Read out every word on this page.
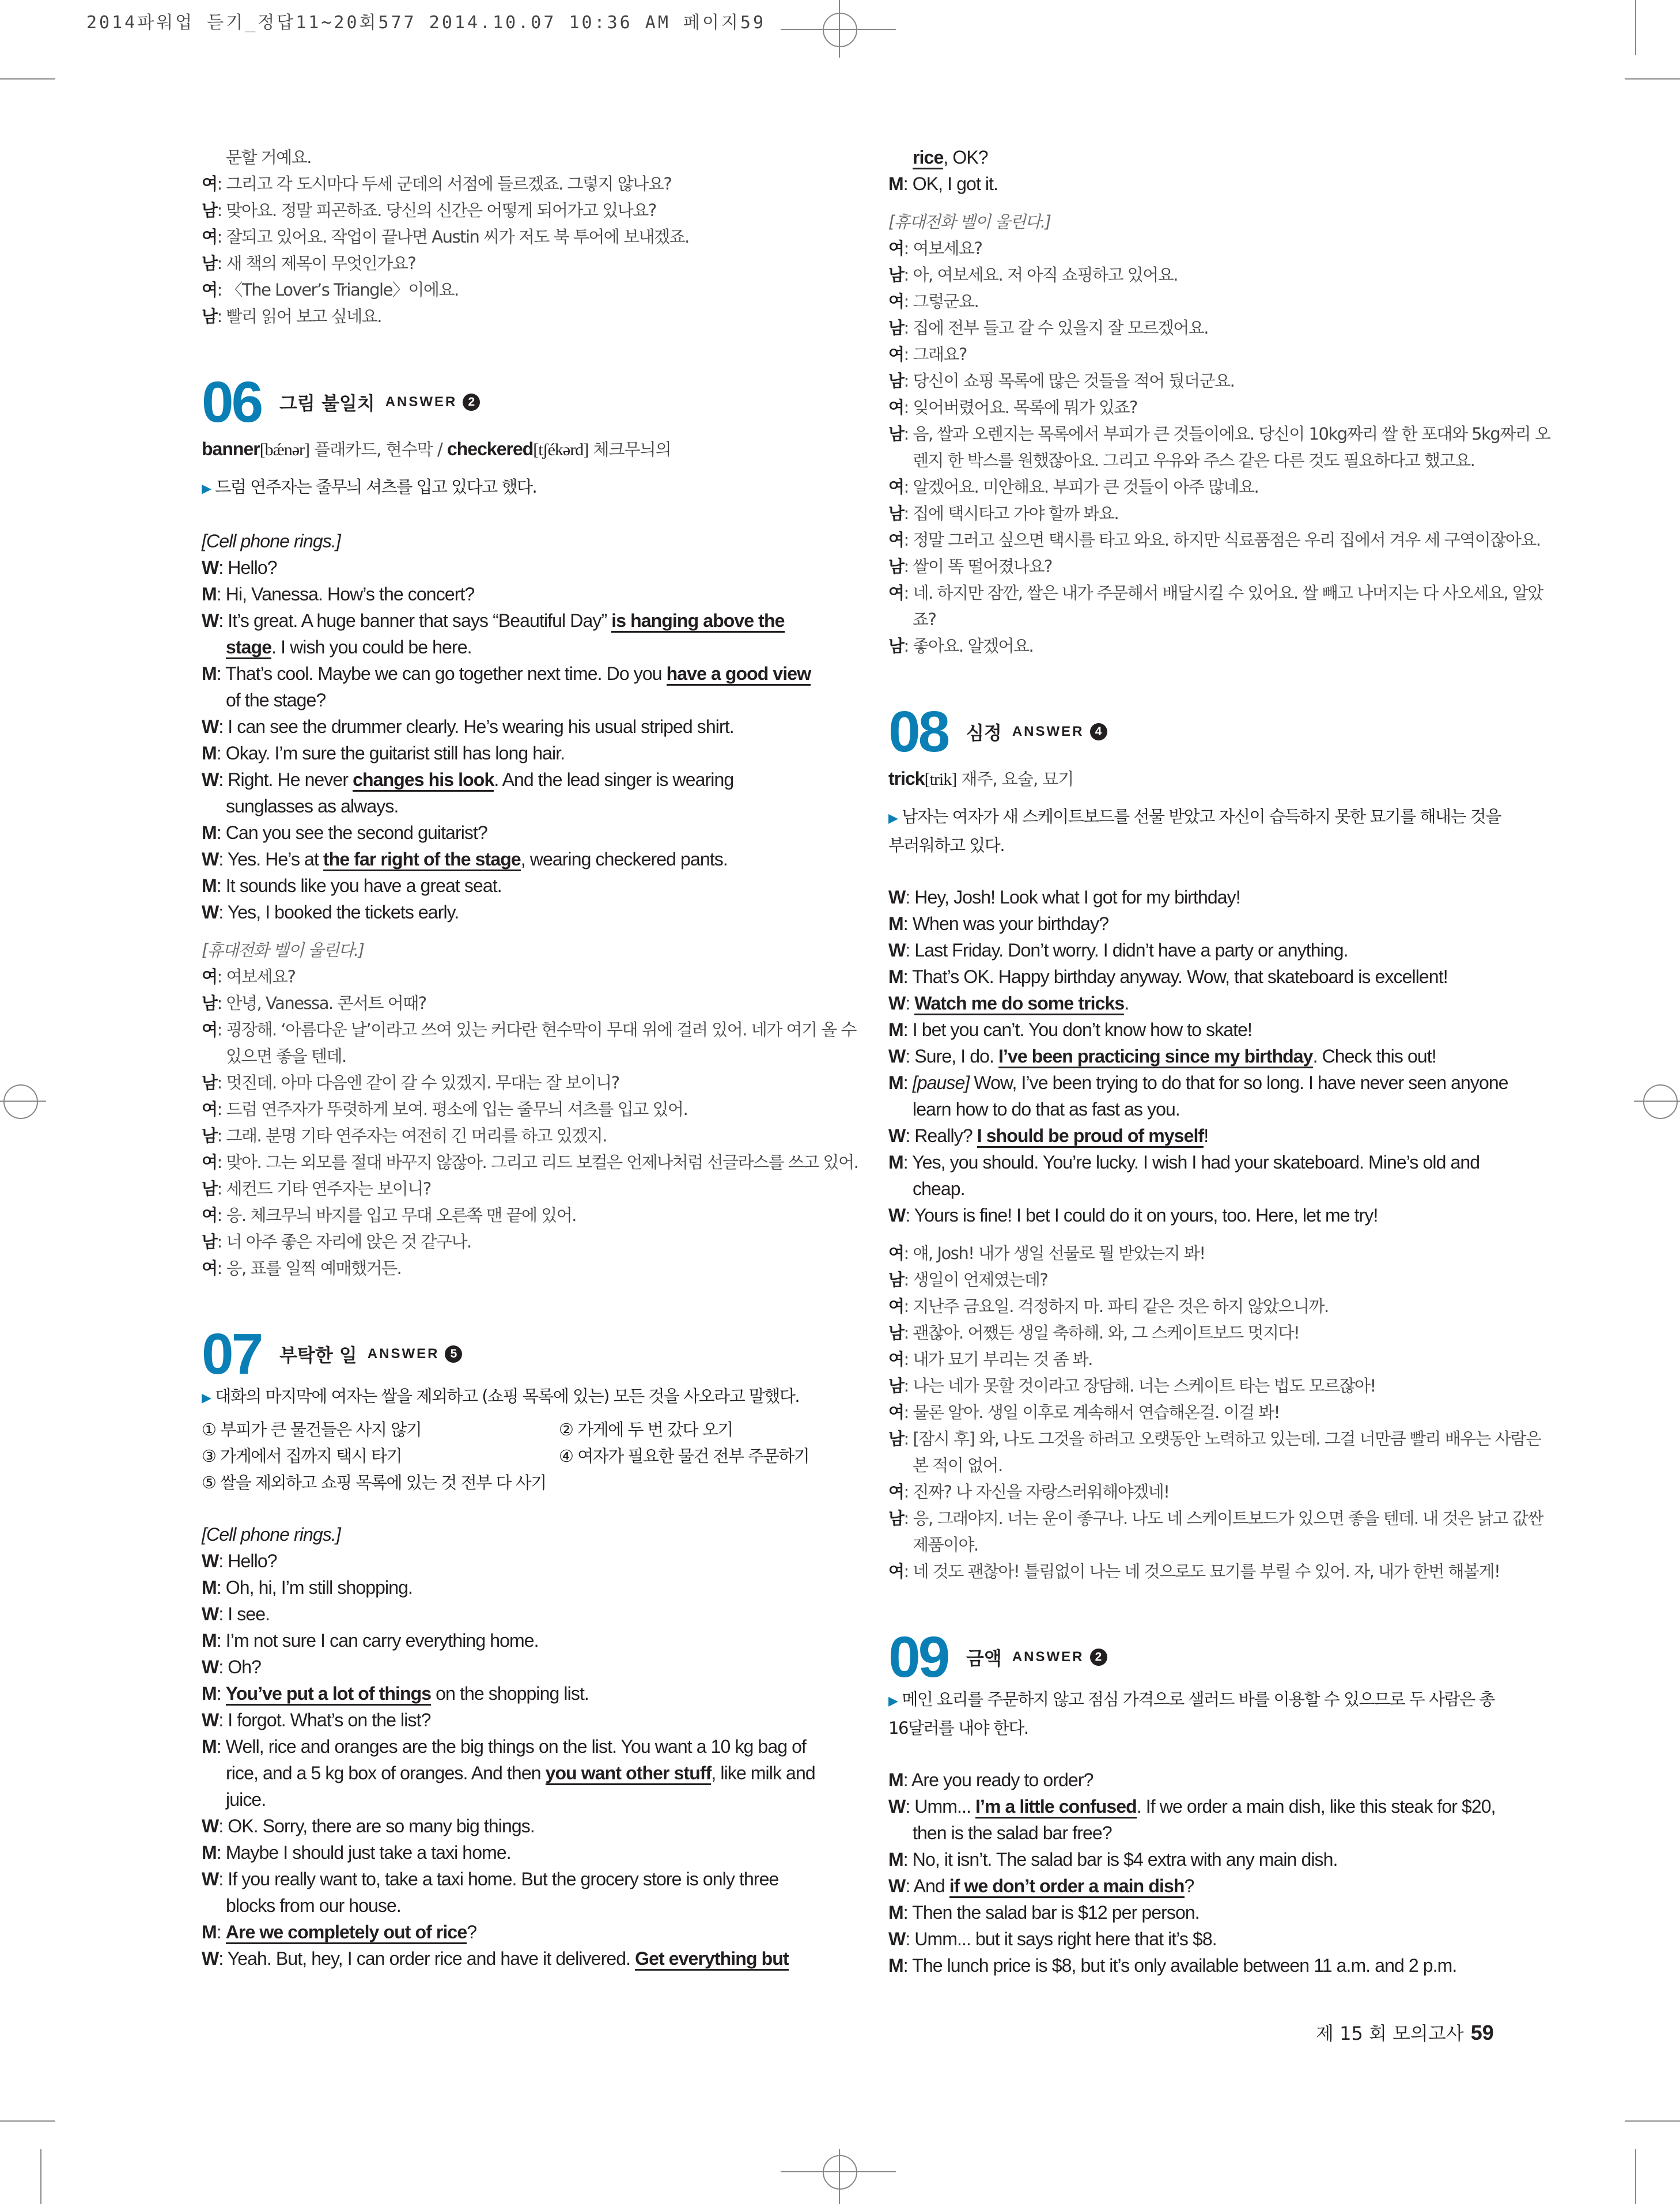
2014파워업 듣기_정답11~20회577 2014.10.07 10:36 AM 페이지59
문할 거예요.
여: 그리고 각 도시마다 두세 군데의 서점에 들르겠죠. 그렇지 않나요?
남: 맞아요. 정말 피곤하죠. 당신의 신간은 어떻게 되어가고 있나요?
여: 잘되고 있어요. 작업이 끝나면 Austin 씨가 저도 북 투어에 보내겠죠.
남: 새 책의 제목이 무엇인가요?
여: 〈The Lover’s Triangle〉이에요.
남: 빨리 읽어 보고 싶네요.
06 그림 불일치 ANSWER 2
banner[bǽnər] 플래카드, 현수막 / checkered[tʃékərd] 체크무늬의
▶ 드럼 연주자는 줄무늬 셔츠를 입고 있다고 했다.
[Cell phone rings.]
W: Hello?
M: Hi, Vanessa. How’s the concert?
W: It’s great. A huge banner that says “Beautiful Day” is hanging above the stage. I wish you could be here.
M: That’s cool. Maybe we can go together next time. Do you have a good view of the stage?
W: I can see the drummer clearly. He’s wearing his usual striped shirt.
M: Okay. I’m sure the guitarist still has long hair.
W: Right. He never changes his look. And the lead singer is wearing sunglasses as always.
M: Can you see the second guitarist?
W: Yes. He’s at the far right of the stage, wearing checkered pants.
M: It sounds like you have a great seat.
W: Yes, I booked the tickets early.
[휴대전화 벨이 울린다.]
여: 여보세요?
남: 안녕, Vanessa. 콘서트 어때?
여: 굉장해. ‘아름다운 날’이라고 쓰여 있는 커다란 현수막이 무대 위에 걸려 있어. 네가 여기 올 수
있으면 좋을 텐데.
남: 멋진데. 아마 다음엔 같이 갈 수 있겠지. 무대는 잘 보이니?
여: 드럼 연주자가 뚜렷하게 보여. 평소에 입는 줄무늬 셔츠를 입고 있어.
남: 그래. 분명 기타 연주자는 여전히 긴 머리를 하고 있겠지.
여: 맞아. 그는 외모를 절대 바꾸지 않잖아. 그리고 리드 보컬은 언제나처럼 선글라스를 쓰고 있어.
남: 세컨드 기타 연주자는 보이니?
여: 응. 체크무늬 바지를 입고 무대 오른쪽 맨 끝에 있어.
남: 너 아주 좋은 자리에 앉은 것 같구나.
여: 응, 표를 일찍 예매했거든.
07 부탁한 일 ANSWER 5
▶ 대화의 마지막에 여자는 쌀을 제외하고 (쇼핑 목록에 있는) 모든 것을 사오라고 말했다.
① 부피가 큰 물건들은 사지 않기	② 가게에 두 번 갔다 오기
③ 가게에서 집까지 택시 타기	④ 여자가 필요한 물건 전부 주문하기
⑤ 쌀을 제외하고 쇼핑 목록에 있는 것 전부 다 사기
[Cell phone rings.]
W: Hello?
M: Oh, hi, I’m still shopping.
W: I see.
M: I’m not sure I can carry everything home.
W: Oh?
M: You’ve put a lot of things on the shopping list.
W: I forgot. What’s on the list?
M: Well, rice and oranges are the big things on the list. You want a 10 kg bag of rice, and a 5 kg box of oranges. And then you want other stuff, like milk and juice.
W: OK. Sorry, there are so many big things.
M: Maybe I should just take a taxi home.
W: If you really want to, take a taxi home. But the grocery store is only three blocks from our house.
M: Are we completely out of rice?
W: Yeah. But, hey, I can order rice and have it delivered. Get everything but
rice, OK?
M: OK, I got it.
[휴대전화 벨이 울린다.]
여: 여보세요?
남: 아, 여보세요. 저 아직 쇼핑하고 있어요.
여: 그렇군요.
남: 집에 전부 들고 갈 수 있을지 잘 모르겠어요.
여: 그래요?
남: 당신이 쇼핑 목록에 많은 것들을 적어 뒀더군요.
여: 잊어버렸어요. 목록에 뭐가 있죠?
남: 음, 쌀과 오렌지는 목록에서 부피가 큰 것들이에요. 당신이 10kg짜리 쌀 한 포대와 5kg짜리 오
렌지 한 박스를 원했잖아요. 그리고 우유와 주스 같은 다른 것도 필요하다고 했고요.
여: 알겠어요. 미안해요. 부피가 큰 것들이 아주 많네요.
남: 집에 택시타고 가야 할까 봐요.
여: 정말 그러고 싶으면 택시를 타고 와요. 하지만 식료품점은 우리 집에서 겨우 세 구역이잖아요.
남: 쌀이 똑 떨어졌나요?
여: 네. 하지만 잠깐, 쌀은 내가 주문해서 배달시킬 수 있어요. 쌀 빼고 나머지는 다 사오세요, 알았
죠?
남: 좋아요. 알겠어요.
08 심정 ANSWER 4
trick[trik] 재주, 요술, 묘기
▶ 남자는 여자가 새 스케이트보드를 선물 받았고 자신이 습득하지 못한 묘기를 해내는 것을 부러워하고 있다.
W: Hey, Josh! Look what I got for my birthday!
M: When was your birthday?
W: Last Friday. Don’t worry. I didn’t have a party or anything.
M: That’s OK. Happy birthday anyway. Wow, that skateboard is excellent!
W: Watch me do some tricks.
M: I bet you can’t. You don’t know how to skate!
W: Sure, I do. I’ve been practicing since my birthday. Check this out!
M: [pause] Wow, I’ve been trying to do that for so long. I have never seen anyone learn how to do that as fast as you.
W: Really? I should be proud of myself!
M: Yes, you should. You’re lucky. I wish I had your skateboard. Mine’s old and cheap.
W: Yours is fine! I bet I could do it on yours, too. Here, let me try!
여: 얘, Josh! 내가 생일 선물로 뭘 받았는지 봐!
남: 생일이 언제였는데?
여: 지난주 금요일. 걱정하지 마. 파티 같은 것은 하지 않았으니까.
남: 괜찮아. 어쨌든 생일 축하해. 와, 그 스케이트보드 멋지다!
여: 내가 묘기 부리는 것 좀 봐.
남: 나는 네가 못할 것이라고 장담해. 너는 스케이트 타는 법도 모르잖아!
여: 물론 알아. 생일 이후로 계속해서 연습해온걸. 이걸 봐!
남: [잠시 후] 와, 나도 그것을 하려고 오랫동안 노력하고 있는데. 그걸 너만큼 빨리 배우는 사람은
본 적이 없어.
여: 진짜? 나 자신을 자랑스러워해야겠네!
남: 응, 그래야지. 너는 운이 좋구나. 나도 네 스케이트보드가 있으면 좋을 텐데. 내 것은 낡고 값싼
제품이야.
여: 네 것도 괜찮아! 틀림없이 나는 네 것으로도 묘기를 부릴 수 있어. 자, 내가 한번 해볼게!
09 금액 ANSWER 2
▶ 메인 요리를 주문하지 않고 점심 가격으로 샐러드 바를 이용할 수 있으므로 두 사람은 총 16달러를 내야 한다.
M: Are you ready to order?
W: Umm... I’m a little confused. If we order a main dish, like this steak for $20, then is the salad bar free?
M: No, it isn’t. The salad bar is $4 extra with any main dish.
W: And if we don’t order a main dish?
M: Then the salad bar is $12 per person.
W: Umm... but it says right here that it’s $8.
M: The lunch price is $8, but it’s only available between 11 a.m. and 2 p.m.
제 15 회 모의고사 59
